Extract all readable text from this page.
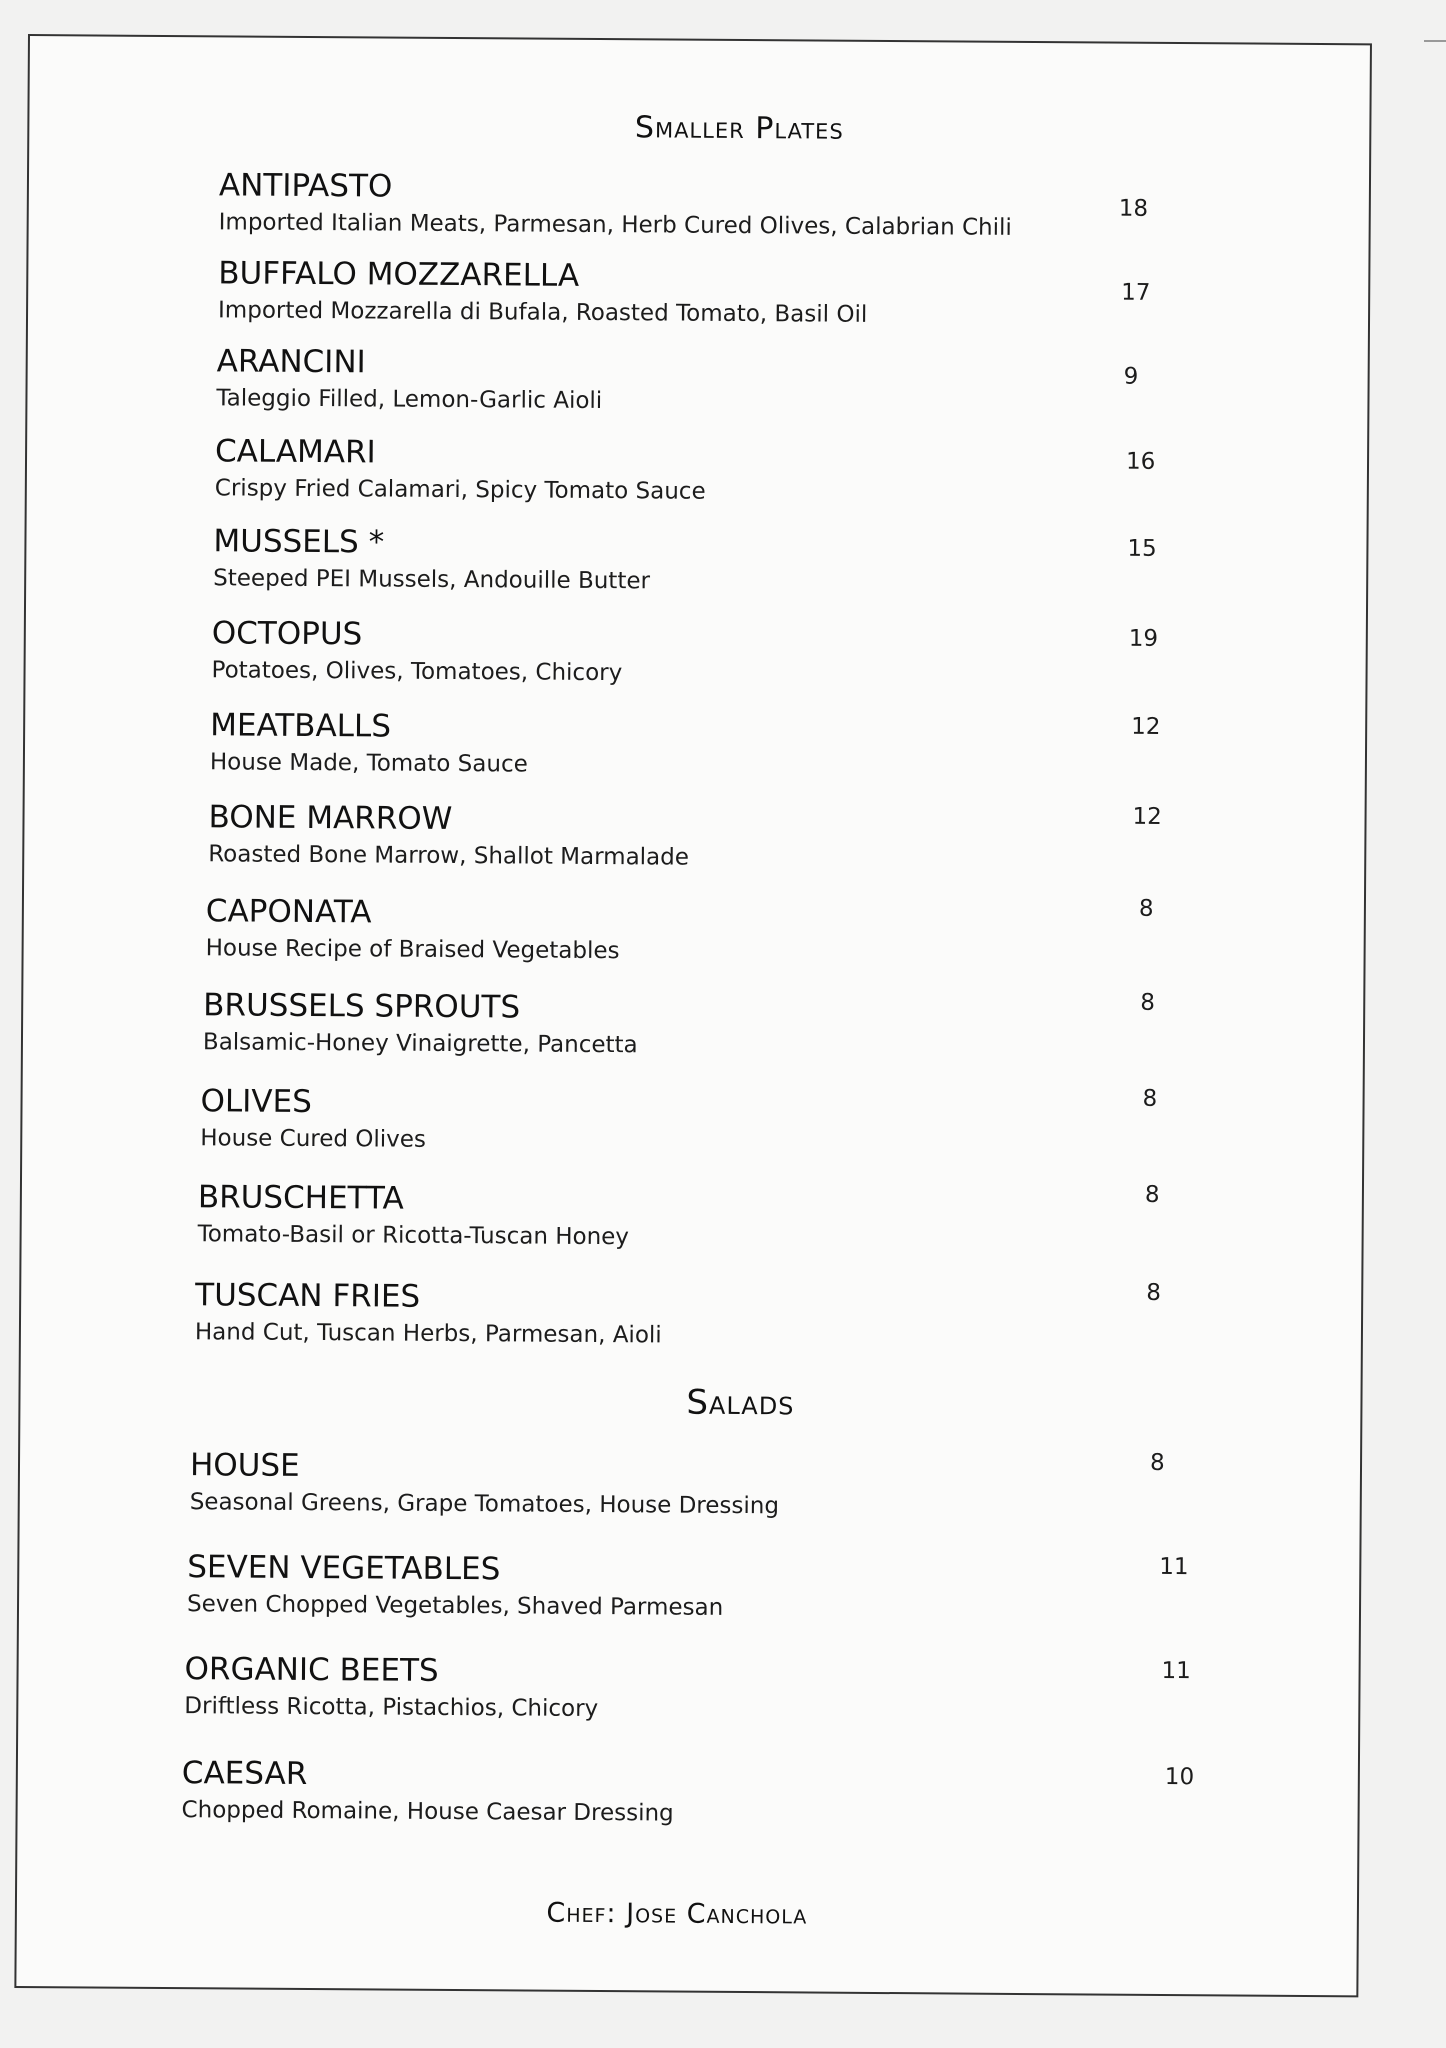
Smaller Plates
ANTIPASTO
Imported Italian Meats, Parmesan, Herb Cured Olives, Calabrian Chili
18
BUFFALO MOZZARELLA
Imported Mozzarella di Bufala, Roasted Tomato, Basil Oil
17
ARANCINI
Taleggio Filled, Lemon-Garlic Aioli
9
CALAMARI
Crispy Fried Calamari, Spicy Tomato Sauce
16
MUSSELS *
Steeped PEI Mussels, Andouille Butter
15
OCTOPUS
Potatoes, Olives, Tomatoes, Chicory
19
MEATBALLS
House Made, Tomato Sauce
12
BONE MARROW
Roasted Bone Marrow, Shallot Marmalade
12
CAPONATA
House Recipe of Braised Vegetables
8
BRUSSELS SPROUTS
Balsamic-Honey Vinaigrette, Pancetta
8
OLIVES
House Cured Olives
8
BRUSCHETTA
Tomato-Basil or Ricotta-Tuscan Honey
8
TUSCAN FRIES
Hand Cut, Tuscan Herbs, Parmesan, Aioli
8
Salads
HOUSE
Seasonal Greens, Grape Tomatoes, House Dressing
8
SEVEN VEGETABLES
Seven Chopped Vegetables, Shaved Parmesan
11
ORGANIC BEETS
Driftless Ricotta, Pistachios, Chicory
11
CAESAR
Chopped Romaine, House Caesar Dressing
10
Chef: Jose Canchola
